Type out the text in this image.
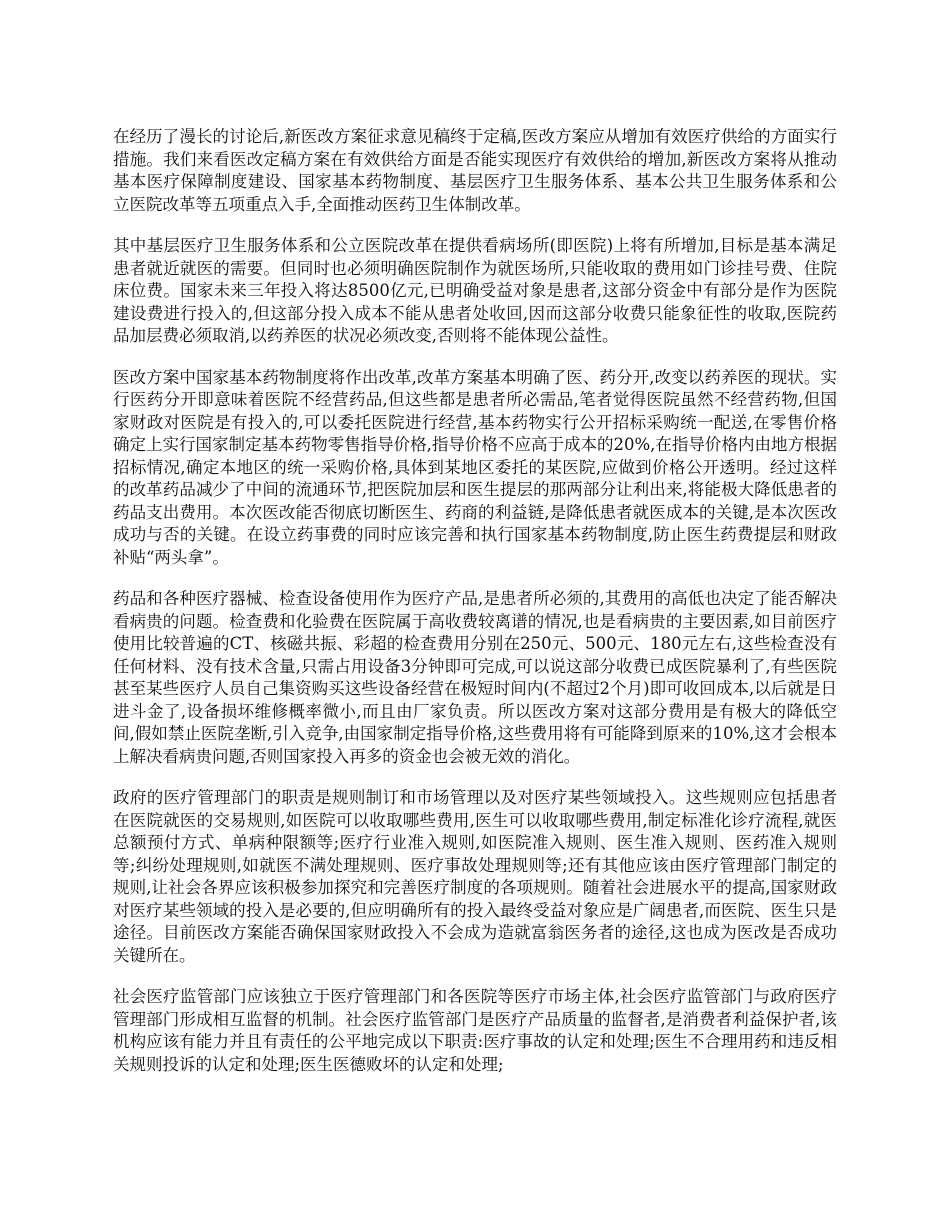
在经历了漫长的讨论后,新医改方案征求意见稿终于定稿,医改方案应从增加有效医疗供给的方面实行措施。我们来看医改定稿方案在有效供给方面是否能实现医疗有效供给的增加,新医改方案将从推动基本医疗保障制度建设、国家基本药物制度、基层医疗卫生服务体系、基本公共卫生服务体系和公立医院改革等五项重点入手,全面推动医药卫生体制改革。

其中基层医疗卫生服务体系和公立医院改革在提供看病场所(即医院)上将有所增加,目标是基本满足患者就近就医的需要。但同时也必须明确医院制作为就医场所,只能收取的费用如门诊挂号费、住院床位费。国家未来三年投入将达8500亿元,已明确受益对象是患者,这部分资金中有部分是作为医院建设费进行投入的,但这部分投入成本不能从患者处收回,因而这部分收费只能象征性的收取,医院药品加层费必须取消,以药养医的状况必须改变,否则将不能体现公益性。

医改方案中国家基本药物制度将作出改革,改革方案基本明确了医、药分开,改变以药养医的现状。实行医药分开即意味着医院不经营药品,但这些都是患者所必需品,笔者觉得医院虽然不经营药物,但国家财政对医院是有投入的,可以委托医院进行经营,基本药物实行公开招标采购统一配送,在零售价格确定上实行国家制定基本药物零售指导价格,指导价格不应高于成本的20%,在指导价格内由地方根据招标情况,确定本地区的统一采购价格,具体到某地区委托的某医院,应做到价格公开透明。经过这样的改革药品减少了中间的流通环节,把医院加层和医生提层的那两部分让利出来,将能极大降低患者的药品支出费用。本次医改能否彻底切断医生、药商的利益链,是降低患者就医成本的关键,是本次医改成功与否的关键。在设立药事费的同时应该完善和执行国家基本药物制度,防止医生药费提层和财政补贴“两头拿”。

药品和各种医疗器械、检查设备使用作为医疗产品,是患者所必须的,其费用的高低也决定了能否解决看病贵的问题。检查费和化验费在医院属于高收费较离谱的情况,也是看病贵的主要因素,如目前医疗使用比较普遍的CT、核磁共振、彩超的检查费用分别在250元、500元、180元左右,这些检查没有任何材料、没有技术含量,只需占用设备3分钟即可完成,可以说这部分收费已成医院暴利了,有些医院甚至某些医疗人员自己集资购买这些设备经营在极短时间内(不超过2个月)即可收回成本,以后就是日进斗金了,设备损坏维修概率微小,而且由厂家负责。所以医改方案对这部分费用是有极大的降低空间,假如禁止医院垄断,引入竞争,由国家制定指导价格,这些费用将有可能降到原来的10%,这才会根本上解决看病贵问题,否则国家投入再多的资金也会被无效的消化。

政府的医疗管理部门的职责是规则制订和市场管理以及对医疗某些领域投入。这些规则应包括患者在医院就医的交易规则,如医院可以收取哪些费用,医生可以收取哪些费用,制定标准化诊疗流程,就医总额预付方式、单病种限额等;医疗行业准入规则,如医院准入规则、医生准入规则、医药准入规则等;纠纷处理规则,如就医不满处理规则、医疗事故处理规则等;还有其他应该由医疗管理部门制定的规则,让社会各界应该积极参加探究和完善医疗制度的各项规则。随着社会进展水平的提高,国家财政对医疗某些领域的投入是必要的,但应明确所有的投入最终受益对象应是广阔患者,而医院、医生只是途径。目前医改方案能否确保国家财政投入不会成为造就富翁医务者的途径,这也成为医改是否成功关键所在。

社会医疗监管部门应该独立于医疗管理部门和各医院等医疗市场主体,社会医疗监管部门与政府医疗管理部门形成相互监督的机制。社会医疗监管部门是医疗产品质量的监督者,是消费者利益保护者,该机构应该有能力并且有责任的公平地完成以下职责:医疗事故的认定和处理;医生不合理用药和违反相关规则投诉的认定和处理;医生医德败坏的认定和处理;
